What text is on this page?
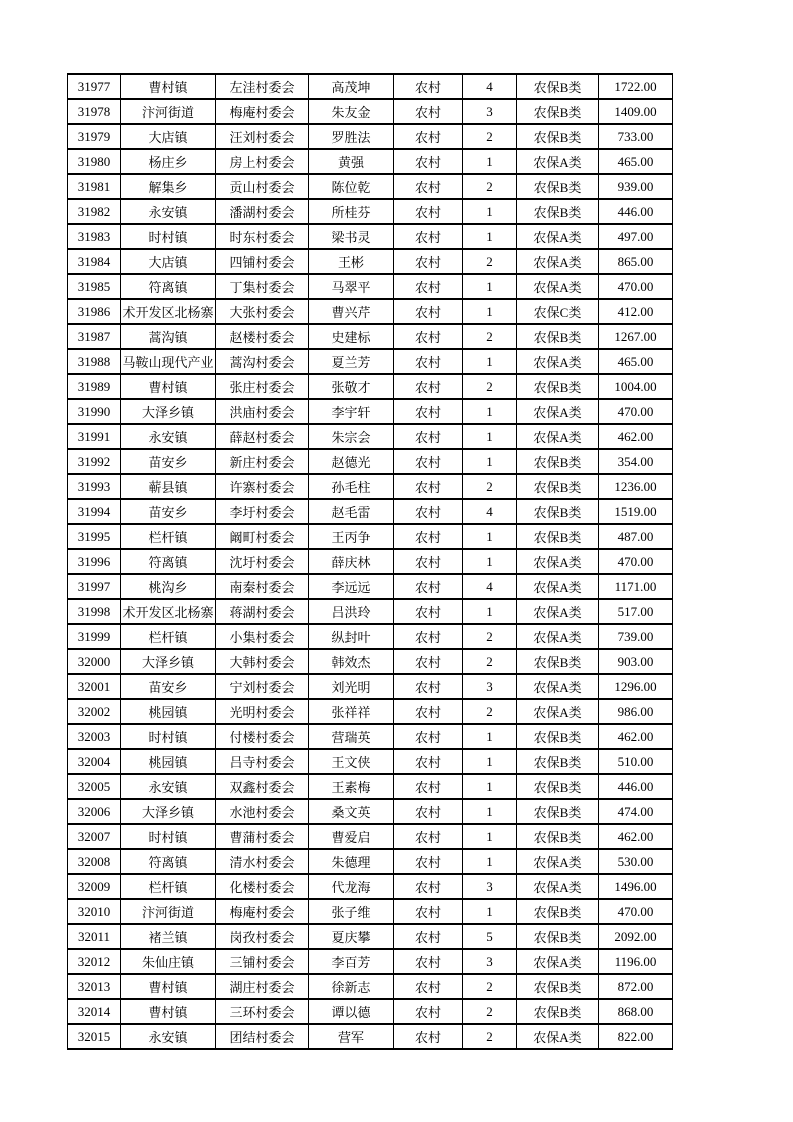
31977	曹村镇	左洼村委会	高茂坤	农村	4	农保B类	1722.00
31978	汴河街道	梅庵村委会	朱友金	农村	3	农保B类	1409.00
31979	大店镇	汪刘村委会	罗胜法	农村	2	农保B类	733.00
31980	杨庄乡	房上村委会	黄强	农村	1	农保A类	465.00
31981	解集乡	贡山村委会	陈位乾	农村	2	农保B类	939.00
31982	永安镇	潘湖村委会	所桂芬	农村	1	农保B类	446.00
31983	时村镇	时东村委会	梁书灵	农村	1	农保A类	497.00
31984	大店镇	四铺村委会	王彬	农村	2	农保A类	865.00
31985	符离镇	丁集村委会	马翠平	农村	1	农保A类	470.00
31986	术开发区北杨寨	大张村委会	曹兴芹	农村	1	农保C类	412.00
31987	蒿沟镇	赵楼村委会	史建标	农村	2	农保B类	1267.00
31988	马鞍山现代产业	蒿沟村委会	夏兰芳	农村	1	农保A类	465.00
31989	曹村镇	张庄村委会	张敬才	农村	2	农保B类	1004.00
31990	大泽乡镇	洪庙村委会	李宇轩	农村	1	农保A类	470.00
31991	永安镇	薛赵村委会	朱宗会	农村	1	农保A类	462.00
31992	苗安乡	新庄村委会	赵德光	农村	1	农保B类	354.00
31993	蕲县镇	许寨村委会	孙毛柱	农村	2	农保B类	1236.00
31994	苗安乡	李圩村委会	赵毛雷	农村	4	农保B类	1519.00
31995	栏杆镇	阚町村委会	王丙争	农村	1	农保B类	487.00
31996	符离镇	沈圩村委会	薛庆林	农村	1	农保A类	470.00
31997	桃沟乡	南秦村委会	李远远	农村	4	农保A类	1171.00
31998	术开发区北杨寨	蒋湖村委会	吕洪玲	农村	1	农保A类	517.00
31999	栏杆镇	小集村委会	纵封叶	农村	2	农保A类	739.00
32000	大泽乡镇	大韩村委会	韩效杰	农村	2	农保B类	903.00
32001	苗安乡	宁刘村委会	刘光明	农村	3	农保A类	1296.00
32002	桃园镇	光明村委会	张祥祥	农村	2	农保A类	986.00
32003	时村镇	付楼村委会	营瑞英	农村	1	农保B类	462.00
32004	桃园镇	吕寺村委会	王文侠	农村	1	农保B类	510.00
32005	永安镇	双鑫村委会	王素梅	农村	1	农保B类	446.00
32006	大泽乡镇	水池村委会	桑文英	农村	1	农保B类	474.00
32007	时村镇	曹蒲村委会	曹爱启	农村	1	农保B类	462.00
32008	符离镇	清水村委会	朱德理	农村	1	农保A类	530.00
32009	栏杆镇	化楼村委会	代龙海	农村	3	农保A类	1496.00
32010	汴河街道	梅庵村委会	张子维	农村	1	农保B类	470.00
32011	褚兰镇	岗孜村委会	夏庆攀	农村	5	农保B类	2092.00
32012	朱仙庄镇	三铺村委会	李百芳	农村	3	农保A类	1196.00
32013	曹村镇	湖庄村委会	徐新志	农村	2	农保B类	872.00
32014	曹村镇	三环村委会	谭以德	农村	2	农保B类	868.00
32015	永安镇	团结村委会	营军	农村	2	农保A类	822.00
